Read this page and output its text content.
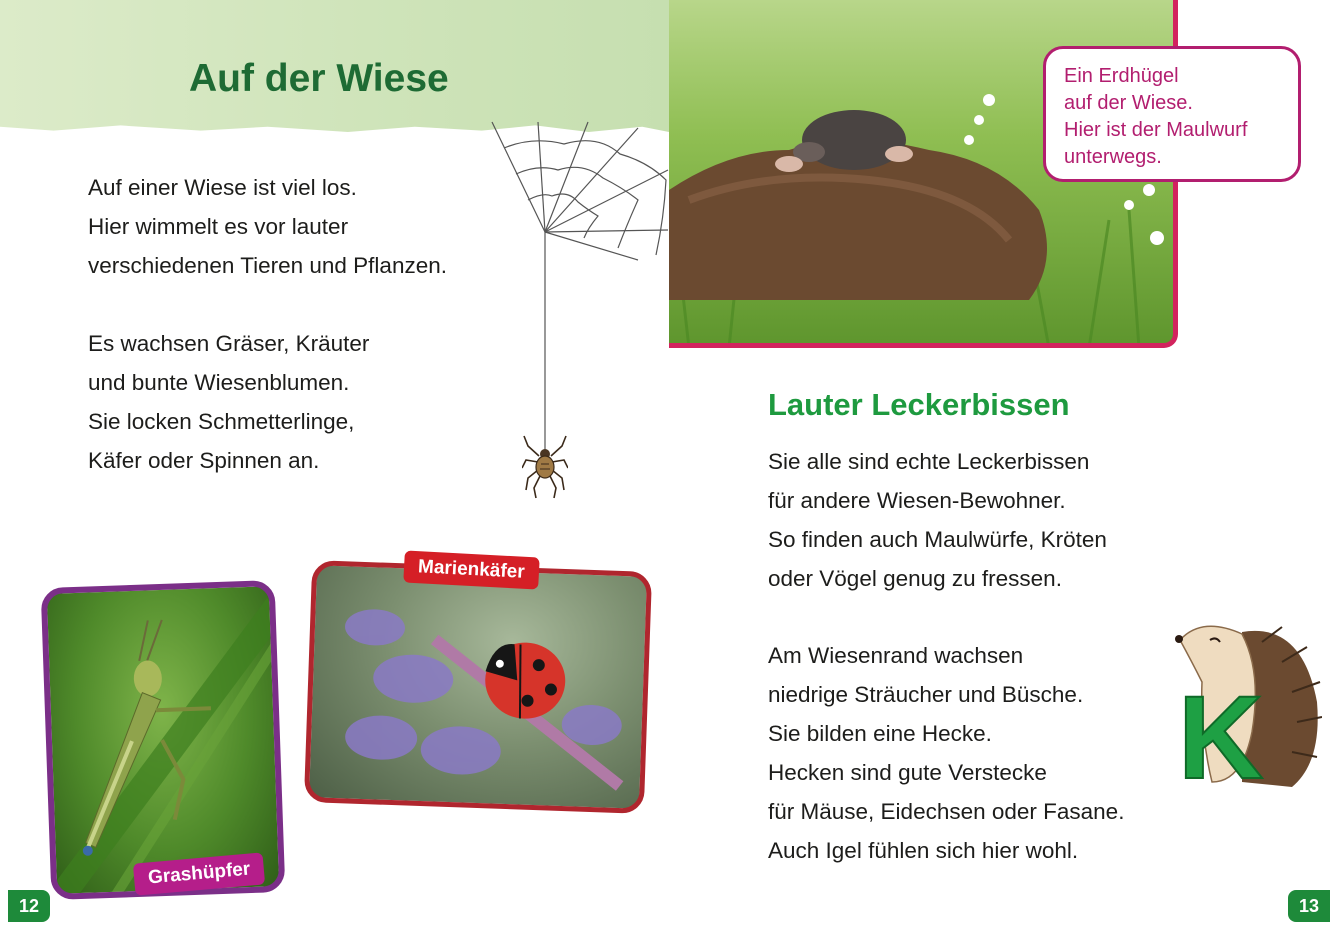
Auf der Wiese
Auf einer Wiese ist viel los.
Hier wimmelt es vor lauter
verschiedenen Tieren und Pflanzen.
Es wachsen Gräser, Kräuter
und bunte Wiesenblumen.
Sie locken Schmetterlinge,
Käfer oder Spinnen an.
Grashüpfer
Marienkäfer
12
Ein Erdhügel
auf der Wiese.
Hier ist der Maulwurf
unterwegs.
Lauter Leckerbissen
Sie alle sind echte Leckerbissen
für andere Wiesen-Bewohner.
So finden auch Maulwürfe, Kröten
oder Vögel genug zu fressen.
Am Wiesenrand wachsen
niedrige Sträucher und Büsche.
Sie bilden eine Hecke.
Hecken sind gute Verstecke
für Mäuse, Eidechsen oder Fasane.
Auch Igel fühlen sich hier wohl.
K
13
